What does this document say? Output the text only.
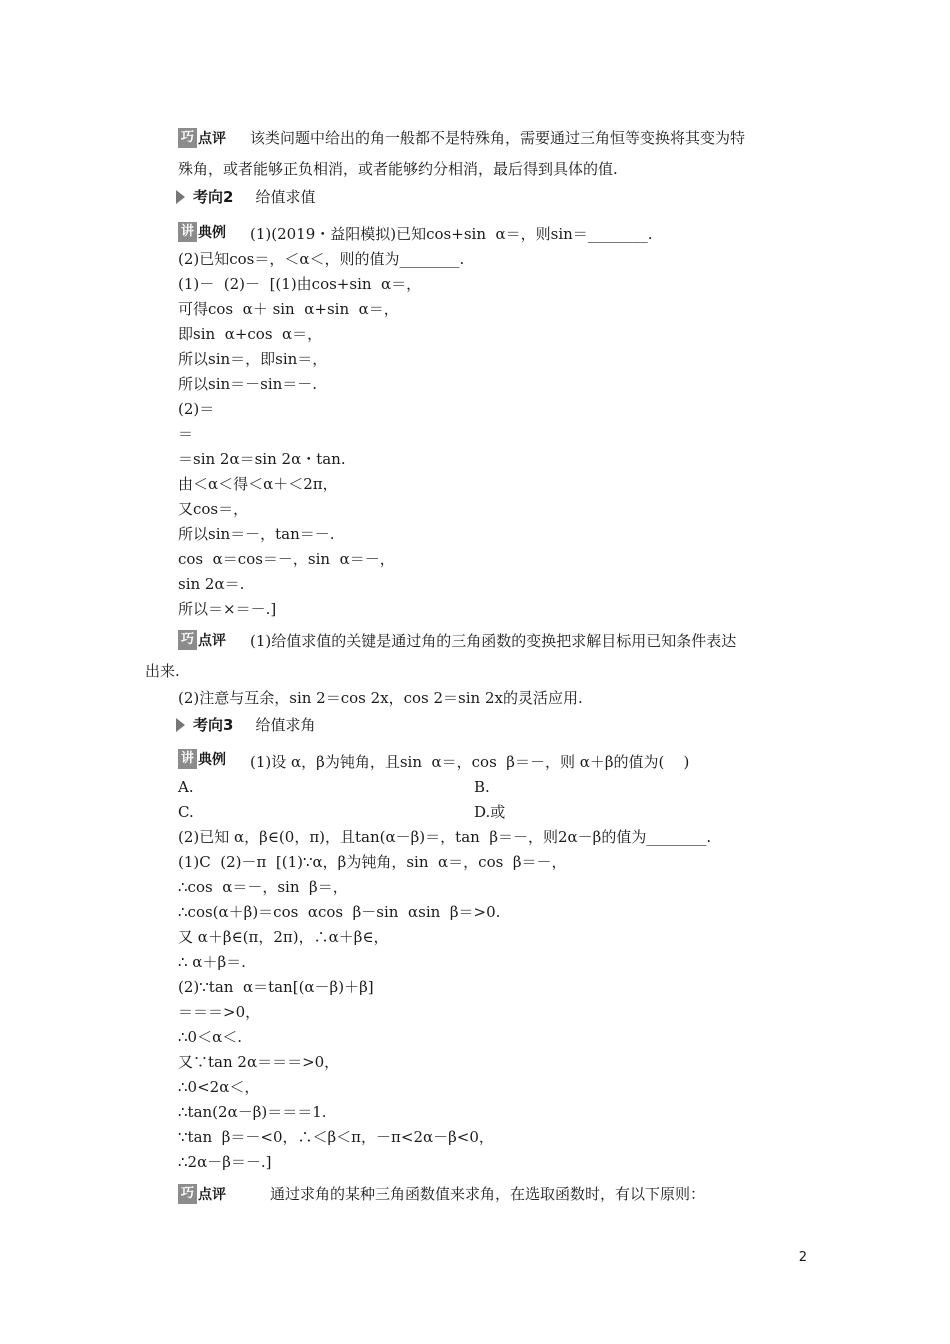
巧 点评 该类问题中给出的角一般都不是特殊角，需要通过三角恒等变换将其变为特
殊角，或者能够正负相消，或者能够约分相消，最后得到具体的值.
考向2 给值求值
讲 典例 (1)(2019・益阳模拟)已知cos+sin  α＝，则sin＝________.
(2)已知cos＝，＜α＜，则的值为________.
(1)－  (2)－  [(1)由cos+sin  α＝，
可得cos  α＋ sin  α+sin  α＝，
即sin  α+cos  α＝，
所以sin＝，即sin＝，
所以sin＝－sin＝－.
(2)＝
＝
＝sin 2α＝sin 2α・tan.
由＜α＜得＜α＋＜2π，
又cos＝，
所以sin＝－，tan＝－.
cos  α＝cos＝－，sin  α＝－，
sin 2α＝.
所以＝×＝－.]
巧 点评 (1)给值求值的关键是通过角的三角函数的变换把求解目标用已知条件表达
出来.
(2)注意与互余，sin 2＝cos 2x，cos 2＝sin 2x的灵活应用.
考向3 给值求角
讲 典例 (1)设 α，β为钝角，且sin  α＝，cos  β＝－，则 α＋β的值为(    )
A.	B.
C.	D.或
(2)已知 α，β∈(0，π)，且tan(α－β)＝，tan  β＝－，则2α－β的值为________.
(1)C  (2)－π  [(1)∵α，β为钝角，sin  α＝，cos  β＝－，
∴cos  α＝－，sin  β＝，
∴cos(α＋β)＝cos  αcos  β－sin  αsin  β＝>0.
又 α＋β∈(π，2π)，∴α＋β∈，
∴ α＋β＝.
(2)∵tan  α＝tan[(α－β)＋β]
＝＝＝>0，
∴0＜α＜.
又∵tan 2α＝＝＝>0，
∴0<2α＜，
∴tan(2α－β)＝＝＝1.
∵tan  β＝－<0，∴＜β＜π，－π<2α－β<0，
∴2α－β＝－.]
巧 点评	通过求角的某种三角函数值来求角，在选取函数时，有以下原则：
2
